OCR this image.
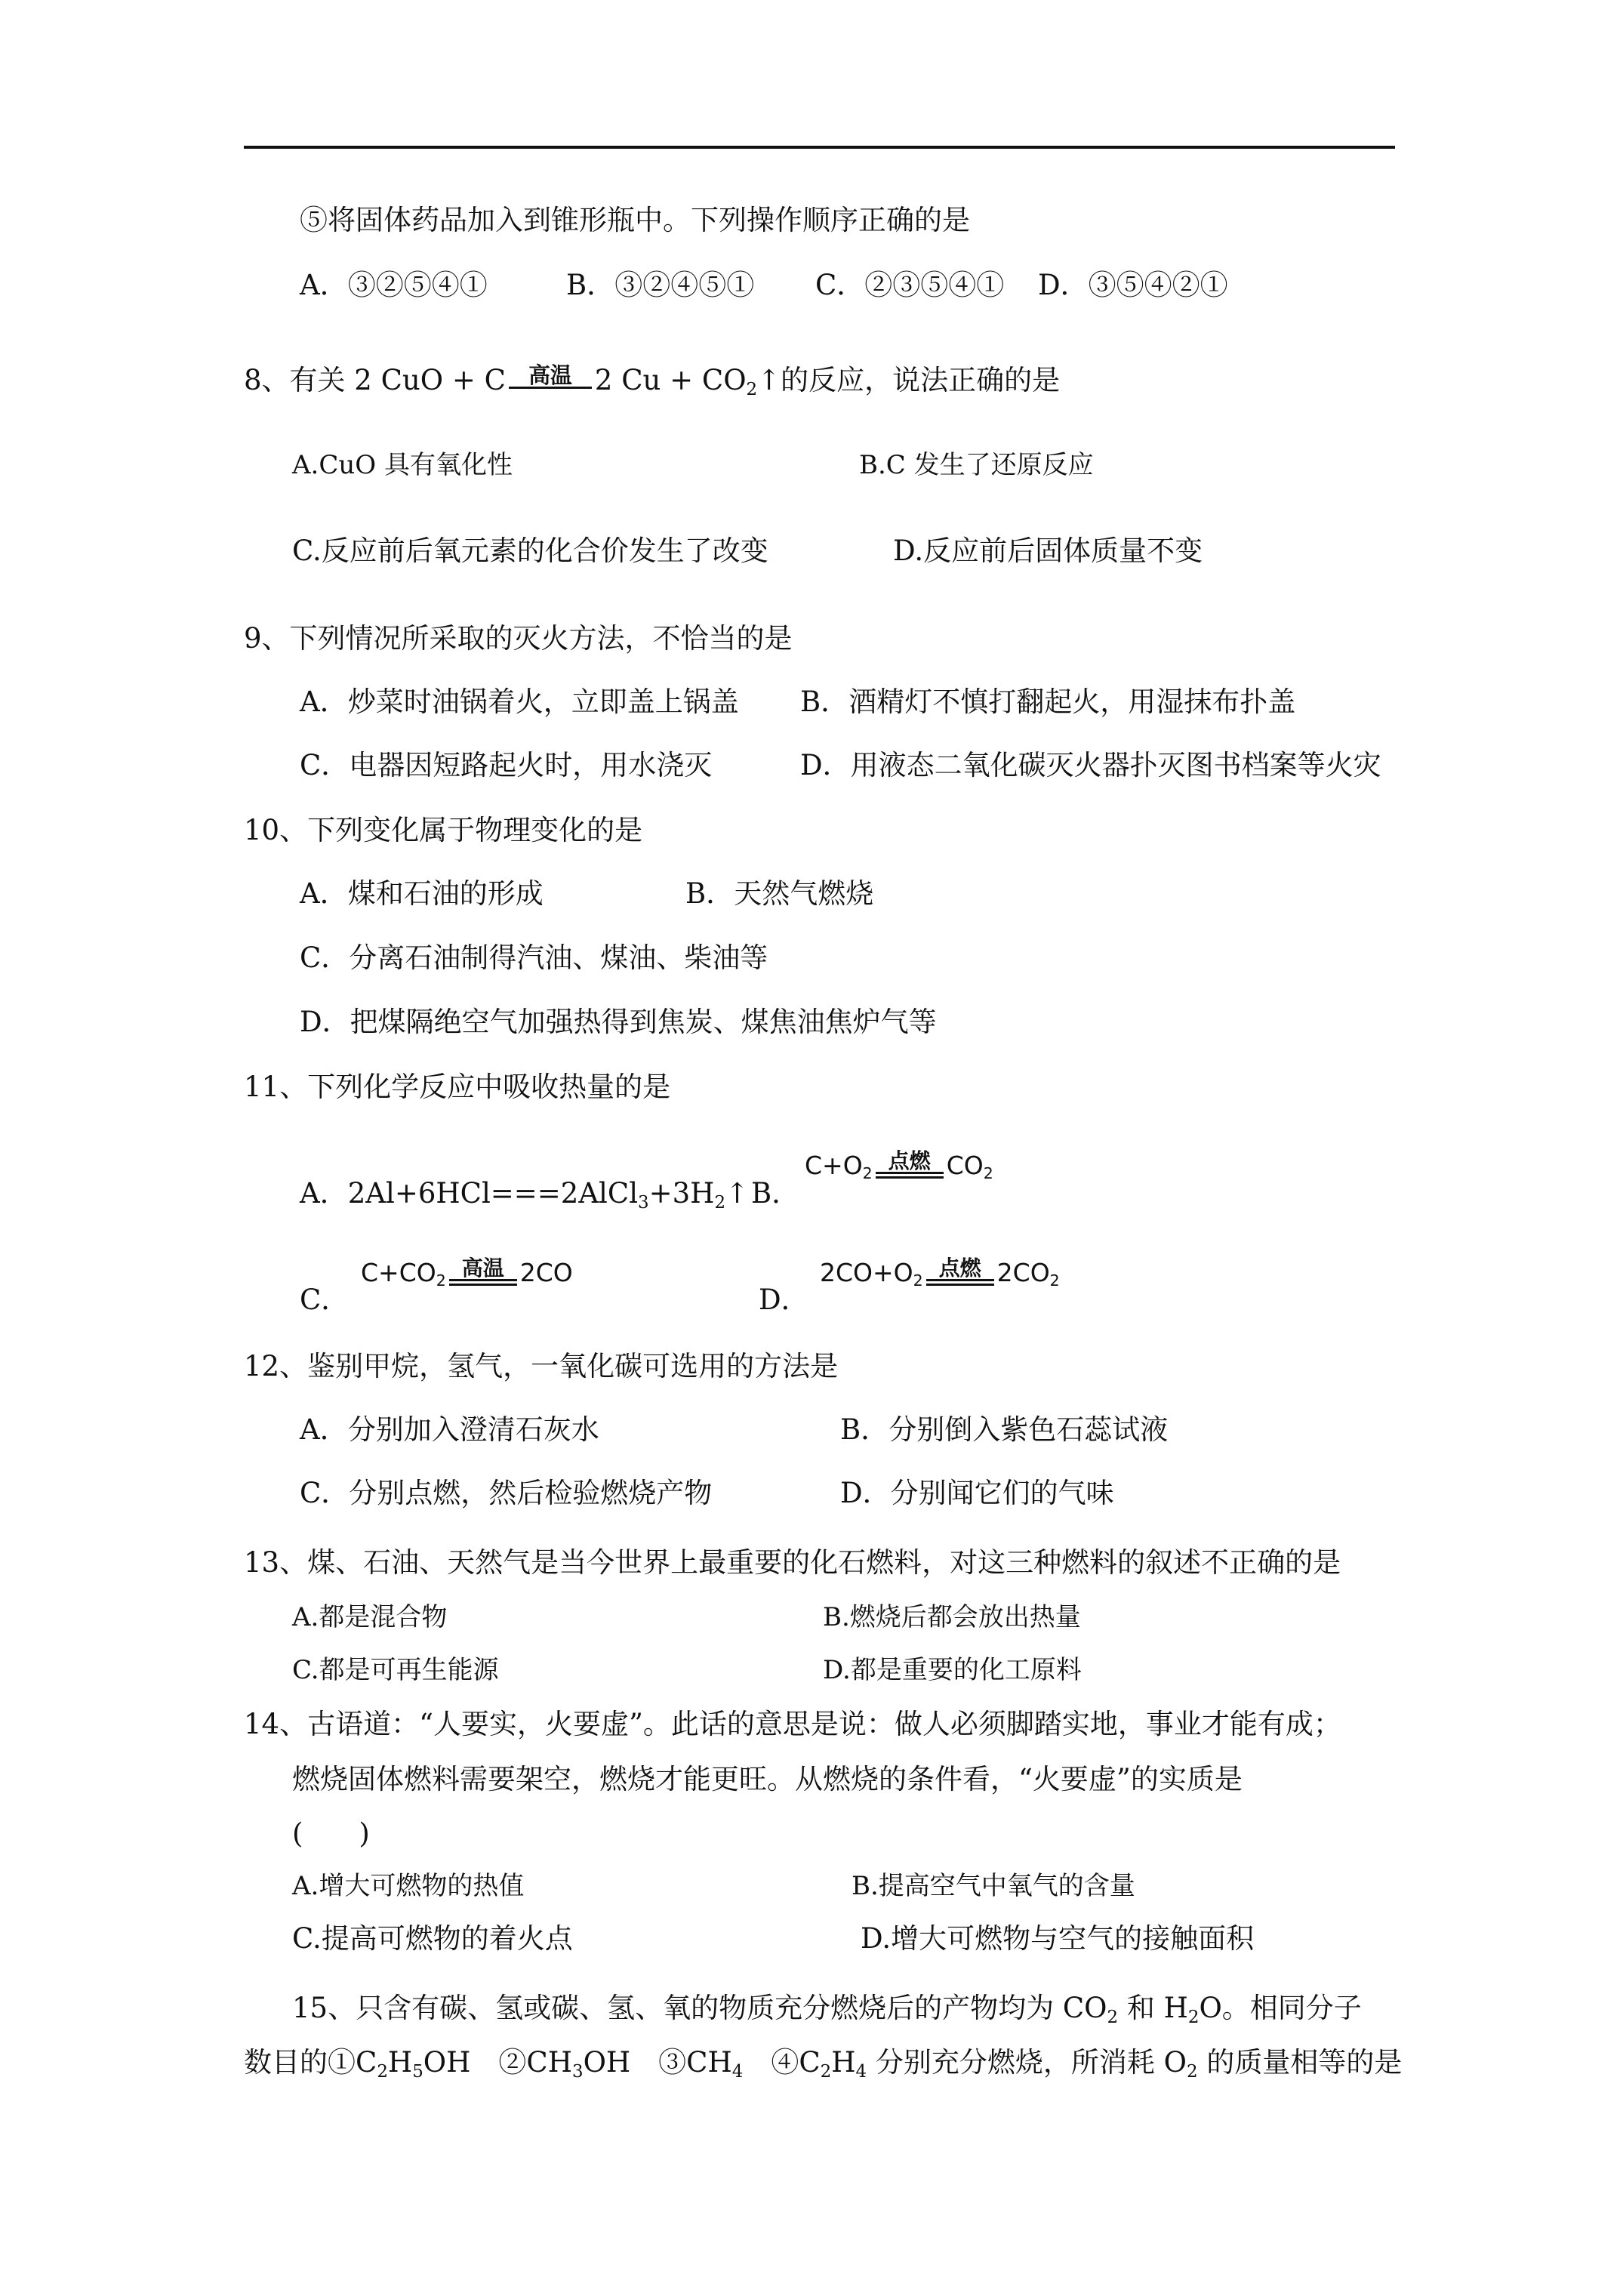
⑤将固体药品加入到锥形瓶中。下列操作顺序正确的是
A．③②⑤④①	B．③②④⑤① C．②③⑤④① D．③⑤④②①
8、有关 2 CuO + C 高温 2 $Cu + CO_2↑$的反应，说法正确的是
A.CuO 具有氧化性	B.C 发生了还原反应
C.反应前后氧元素的化合价发生了改变	D.反应前后固体质量不变
9、下列情况所采取的灭火方法，不恰当的是
A．炒菜时油锅着火，立即盖上锅盖 B．酒精灯不慎打翻起火，用湿抹布扑盖
C．电器因短路起火时，用水浇灭	D．用液态二氧化碳灭火器扑灭图书档案等火灾
10、下列变化属于物理变化的是
A．煤和石油的形成	B．天然气燃烧
C．分离石油制得汽油、煤油、柴油等
D．把煤隔绝空气加强热得到焦炭、煤焦油焦炉气等
11、下列化学反应中吸收热量的是
A．$2Al+6HCl===2AlCl_3+3H_2↑$ B．
$C+O_2$
点燃 $CO_2$
C．
$C+CO_2$
高温 2CO
D．
$2CO+O_2$
点燃 $2CO_2$
12、鉴别甲烷，氢气，一氧化碳可选用的方法是
A．分别加入澄清石灰水	B．分别倒入紫色石蕊试液
C．分别点燃，然后检验燃烧产物	D．分别闻它们的气味
13、煤、石油、天然气是当今世界上最重要的化石燃料，对这三种燃料的叙述不正确的是
A.都是混合物	B.燃烧后都会放出热量
C.都是可再生能源	D.都是重要的化工原料
14、古语道：“人要实，火要虚”。此话的意思是说：做人必须脚踏实地，事业才能有成；
燃烧固体燃料需要架空，燃烧才能更旺。从燃烧的条件看，“火要虚”的实质是
(　　)
A.增大可燃物的热值	B.提高空气中氧气的含量
C.提高可燃物的着火点	D.增大可燃物与空气的接触面积
15、只含有碳、氢或碳、氢、氧的物质充分燃烧后的产物均为 $CO_2$ 和 $H_2O$。相同分子
数目的$①C_2H_5OH$　$②CH_3OH$　$③CH_4$　$④C_2H_4$ 分别充分燃烧，所消耗 $O_2$ 的质量相等的是
